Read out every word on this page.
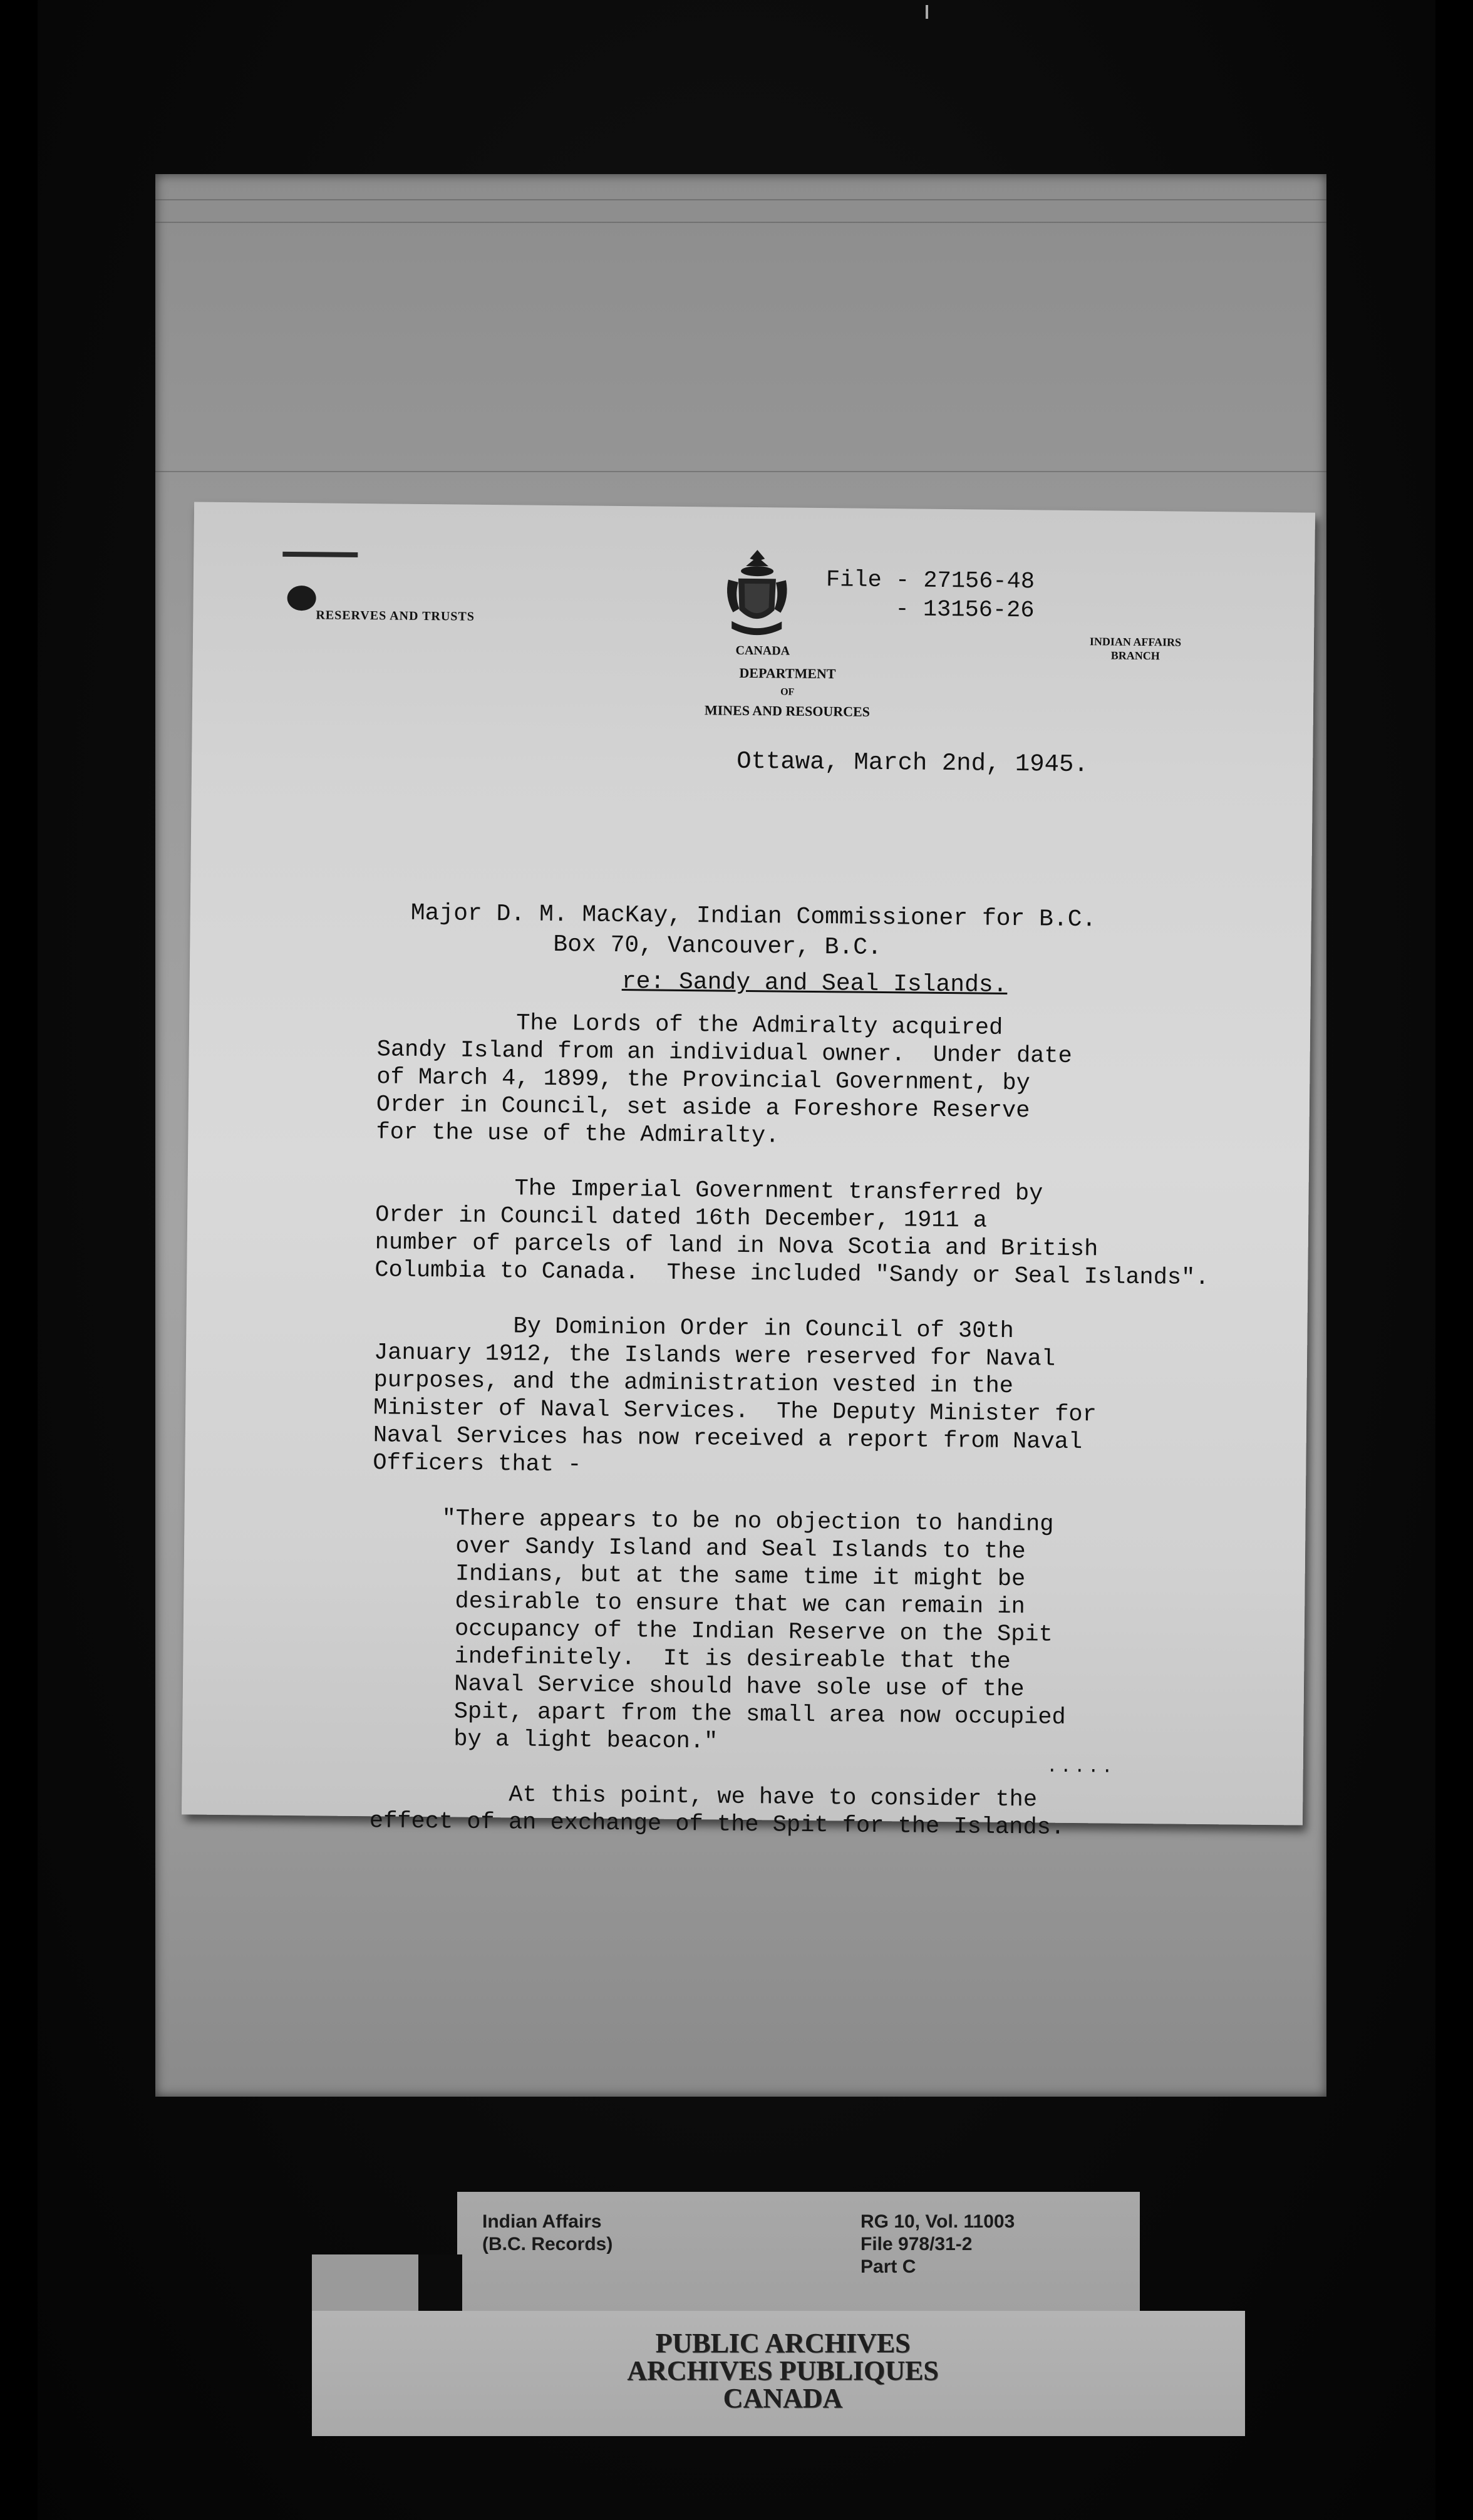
RESERVES AND TRUSTS
CANADA
DEPARTMENT
OF
MINES AND RESOURCES
File - 27156-48
- 13156-26
INDIAN AFFAIRS
BRANCH
Ottawa, March 2nd, 1945.
Major D. M. MacKay, Indian Commissioner for B.C.
Box 70, Vancouver, B.C.
re: Sandy and Seal Islands.
The Lords of the Admiralty acquired
Sandy Island from an individual owner.  Under date
of March 4, 1899, the Provincial Government, by
Order in Council, set aside a Foreshore Reserve
for the use of the Admiralty.

The Imperial Government transferred by
Order in Council dated 16th December, 1911 a
number of parcels of land in Nova Scotia and British
Columbia to Canada.  These included "Sandy or Seal Islands".

By Dominion Order in Council of 30th
January 1912, the Islands were reserved for Naval
purposes, and the administration vested in the
Minister of Naval Services.  The Deputy Minister for
Naval Services has now received a report from Naval
Officers that -

"There appears to be no objection to handing
over Sandy Island and Seal Islands to the
Indians, but at the same time it might be
desirable to ensure that we can remain in
occupancy of the Indian Reserve on the Spit
indefinitely.  It is desireable that the
Naval Service should have sole use of the
Spit, apart from the small area now occupied
by a light beacon."

At this point, we have to consider the
effect of an exchange of the Spit for the Islands.
.....
Indian Affairs
(B.C. Records)
RG 10, Vol. 11003
File 978/31-2
Part C
PUBLIC ARCHIVES
ARCHIVES PUBLIQUES
CANADA
